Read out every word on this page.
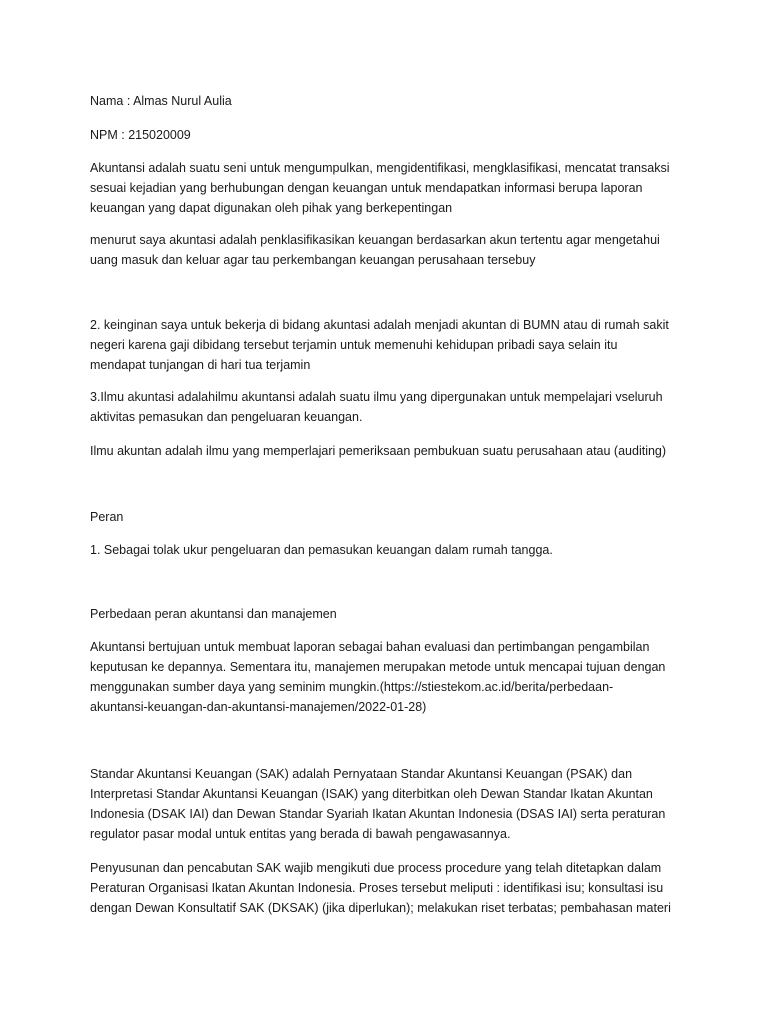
Nama : Almas Nurul Aulia

NPM : 215020009

Akuntansi adalah suatu seni untuk mengumpulkan, mengidentifikasi, mengklasifikasi, mencatat transaksi
sesuai kejadian yang berhubungan dengan keuangan untuk mendapatkan informasi berupa laporan
keuangan yang dapat digunakan oleh pihak yang berkepentingan

menurut saya akuntasi adalah penklasifikasikan keuangan berdasarkan akun tertentu agar mengetahui
uang masuk dan keluar agar tau perkembangan keuangan perusahaan tersebuy

2. keinginan saya untuk bekerja di bidang akuntasi adalah menjadi akuntan di BUMN atau di rumah sakit
negeri karena gaji dibidang tersebut terjamin untuk memenuhi kehidupan pribadi saya selain itu
mendapat tunjangan di hari tua terjamin

3.Ilmu akuntasi adalahilmu akuntansi adalah suatu ilmu yang dipergunakan untuk mempelajari vseluruh
aktivitas pemasukan dan pengeluaran keuangan.

Ilmu akuntan adalah ilmu yang memperlajari pemeriksaan pembukuan suatu perusahaan atau (auditing)

Peran

1. Sebagai tolak ukur pengeluaran dan pemasukan keuangan dalam rumah tangga.

Perbedaan peran akuntansi dan manajemen

Akuntansi bertujuan untuk membuat laporan sebagai bahan evaluasi dan pertimbangan pengambilan
keputusan ke depannya. Sementara itu, manajemen merupakan metode untuk mencapai tujuan dengan
menggunakan sumber daya yang seminim mungkin.(https://stiestekom.ac.id/berita/perbedaan-
akuntansi-keuangan-dan-akuntansi-manajemen/2022-01-28)

Standar Akuntansi Keuangan (SAK) adalah Pernyataan Standar Akuntansi Keuangan (PSAK) dan
Interpretasi Standar Akuntansi Keuangan (ISAK) yang diterbitkan oleh Dewan Standar Ikatan Akuntan
Indonesia (DSAK IAI) dan Dewan Standar Syariah Ikatan Akuntan Indonesia (DSAS IAI) serta peraturan
regulator pasar modal untuk entitas yang berada di bawah pengawasannya.

Penyusunan dan pencabutan SAK wajib mengikuti due process procedure yang telah ditetapkan dalam
Peraturan Organisasi Ikatan Akuntan Indonesia. Proses tersebut meliputi : identifikasi isu; konsultasi isu
dengan Dewan Konsultatif SAK (DKSAK) (jika diperlukan); melakukan riset terbatas; pembahasan materi
